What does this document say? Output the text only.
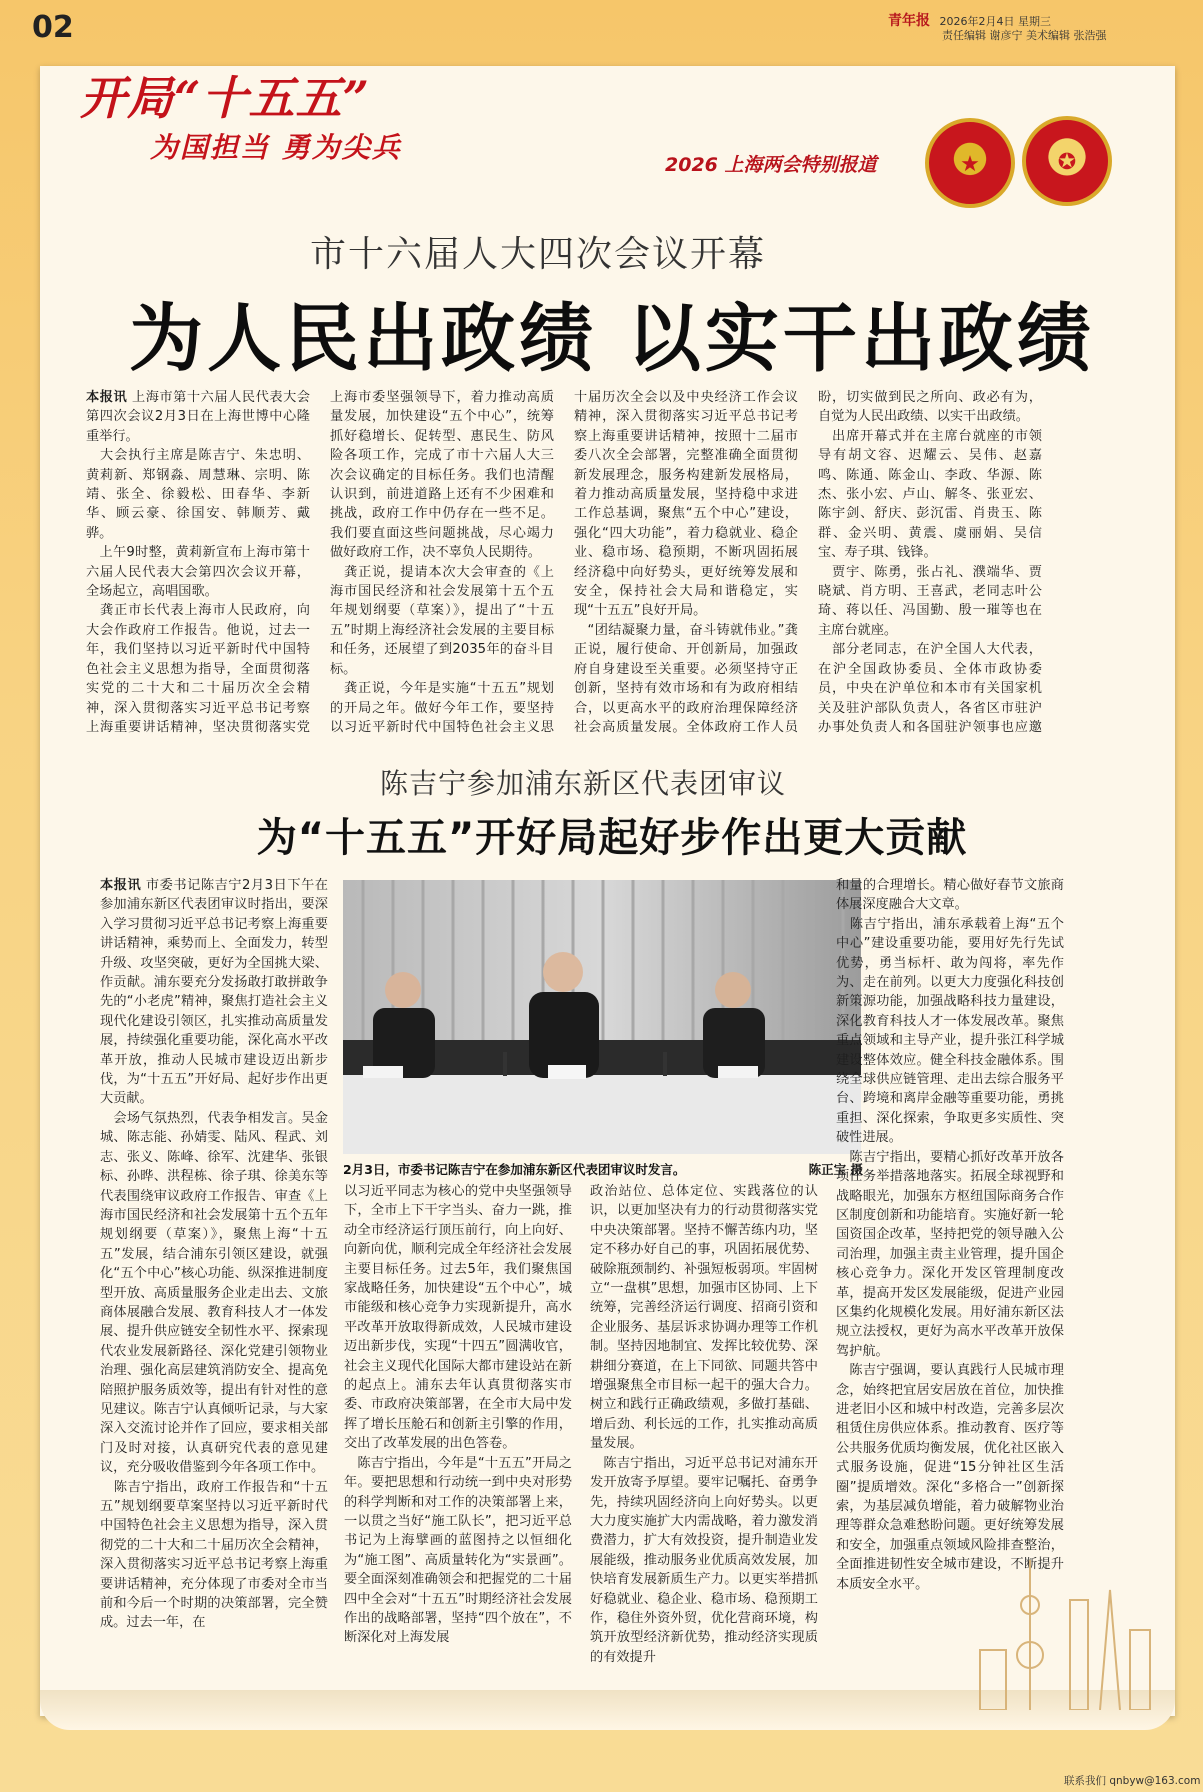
02	青年报 2026年2月4日 星期三
责任编辑 谢彦宁 美术编辑 张浩强
开局“十五五”
为国担当 勇为尖兵
2026 上海两会特别报道	★	✪
市十六届人大四次会议开幕
为人民出政绩 以实干出政绩
本报讯 上海市第十六届人民代表大会第四次会议2月3日在上海世博中心隆重举行。
　大会执行主席是陈吉宁、朱忠明、黄莉新、郑钢淼、周慧琳、宗明、陈靖、张全、徐毅松、田春华、李新华、顾云豪、徐国安、韩顺芳、戴骅。
　上午9时整，黄莉新宣布上海市第十六届人民代表大会第四次会议开幕，全场起立，高唱国歌。
　龚正市长代表上海市人民政府，向大会作政府工作报告。他说，过去一年，我们坚持以习近平新时代中国特色社会主义思想为指导，全面贯彻落实党的二十大和二十届历次全会精神，深入贯彻落实习近平总书记考察上海重要讲话精神，坚决贯彻落实党
上海市委坚强领导下，着力推动高质量发展，加快建设“五个中心”，统筹抓好稳增长、促转型、惠民生、防风险各项工作，完成了市十六届人大三次会议确定的目标任务。我们也清醒认识到，前进道路上还有不少困难和挑战，政府工作中仍存在一些不足。我们要直面这些问题挑战，尽心竭力做好政府工作，决不辜负人民期待。
　龚正说，提请本次大会审查的《上海市国民经济和社会发展第十五个五年规划纲要（草案）》，提出了“十五五”时期上海经济社会发展的主要目标和任务，还展望了到2035年的奋斗目标。
　龚正说，今年是实施“十五五”规划的开局之年。做好今年工作，要坚持以习近平新时代中国特色社会主义思
十届历次全会以及中央经济工作会议精神，深入贯彻落实习近平总书记考察上海重要讲话精神，按照十二届市委八次全会部署，完整准确全面贯彻新发展理念，服务构建新发展格局，着力推动高质量发展，坚持稳中求进工作总基调，聚焦“五个中心”建设，强化“四大功能”，着力稳就业、稳企业、稳市场、稳预期，不断巩固拓展经济稳中向好势头，更好统筹发展和安全，保持社会大局和谐稳定，实现“十五五”良好开局。
　“团结凝聚力量，奋斗铸就伟业。”龚正说，履行使命、开创新局，加强政府自身建设至关重要。必须坚持守正创新，坚持有效市场和有为政府相结合，以更高水平的政府治理保障经济社会高质量发展。全体政府工作人员
盼，切实做到民之所向、政必有为，自觉为人民出政绩、以实干出政绩。
　出席开幕式并在主席台就座的市领导有胡文容、迟耀云、吴伟、赵嘉鸣、陈通、陈金山、李政、华源、陈杰、张小宏、卢山、解冬、张亚宏、陈宇剑、舒庆、彭沉雷、肖贵玉、陈群、金兴明、黄震、虞丽娟、吴信宝、寿子琪、钱锋。
　贾宇、陈勇，张占礼、濮端华、贾晓斌、肖方明、王喜武，老同志叶公琦、蒋以任、冯国勤、殷一璀等也在主席台就座。
　部分老同志，在沪全国人大代表，在沪全国政协委员、全体市政协委员，中央在沪单位和本市有关国家机关及驻沪部队负责人，各省区市驻沪办事处负责人和各国驻沪领事也应邀
陈吉宁参加浦东新区代表团审议
为“十五五”开好局起好步作出更大贡献
本报讯 市委书记陈吉宁2月3日下午在参加浦东新区代表团审议时指出，要深入学习贯彻习近平总书记考察上海重要讲话精神，乘势而上、全面发力，转型升级、攻坚突破，更好为全国挑大梁、作贡献。浦东要充分发扬敢打敢拼敢争先的“小老虎”精神，聚焦打造社会主义现代化建设引领区，扎实推动高质量发展，持续强化重要功能，深化高水平改革开放，推动人民城市建设迈出新步伐，为“十五五”开好局、起好步作出更大贡献。
　会场气氛热烈，代表争相发言。吴金城、陈志能、孙婧雯、陆风、程武、刘志、张义、陈峰、徐军、沈建华、张银标、孙晔、洪程栋、徐子琪、徐美东等代表围绕审议政府工作报告、审查《上海市国民经济和社会发展第十五个五年规划纲要（草案）》，聚焦上海“十五五”发展，结合浦东引领区建设，就强化“五个中心”核心功能、纵深推进制度型开放、高质量服务企业走出去、文旅商体展融合发展、教育科技人才一体发展、提升供应链安全韧性水平、探索现代农业发展新路径、深化党建引领物业治理、强化高层建筑消防安全、提高免陪照护服务质效等，提出有针对性的意见建议。陈吉宁认真倾听记录，与大家深入交流讨论并作了回应，要求相关部门及时对接，认真研究代表的意见建议，充分吸收借鉴到今年各项工作中。
　陈吉宁指出，政府工作报告和“十五五”规划纲要草案坚持以习近平新时代中国特色社会主义思想为指导，深入贯彻党的二十大和二十届历次全会精神，深入贯彻落实习近平总书记考察上海重要讲话精神，充分体现了市委对全市当前和今后一个时期的决策部署，完全赞成。过去一年，在
2月3日，市委书记陈吉宁在参加浦东新区代表团审议时发言。	陈正宝 摄
以习近平同志为核心的党中央坚强领导下，全市上下干字当头、奋力一跳，推动全市经济运行顶压前行，向上向好、向新向优，顺利完成全年经济社会发展主要目标任务。过去5年，我们聚焦国家战略任务，加快建设“五个中心”，城市能级和核心竞争力实现新提升，高水平改革开放取得新成效，人民城市建设迈出新步伐，实现“十四五”圆满收官，社会主义现代化国际大都市建设站在新的起点上。浦东去年认真贯彻落实市委、市政府决策部署，在全市大局中发挥了增长压舱石和创新主引擎的作用，交出了改革发展的出色答卷。
　陈吉宁指出，今年是“十五五”开局之年。要把思想和行动统一到中央对形势的科学判断和对工作的决策部署上来，一以贯之当好“施工队长”，把习近平总书记为上海擘画的蓝图持之以恒细化为“施工图”、高质量转化为“实景画”。要全面深刻准确领会和把握党的二十届四中全会对“十五五”时期经济社会发展作出的战略部署，坚持“四个放在”，不断深化对上海发展
政治站位、总体定位、实践落位的认识，以更加坚决有力的行动贯彻落实党中央决策部署。坚持不懈苦练内功，坚定不移办好自己的事，巩固拓展优势、破除瓶颈制约、补强短板弱项。牢固树立“一盘棋”思想，加强市区协同、上下统筹，完善经济运行调度、招商引资和企业服务、基层诉求协调办理等工作机制。坚持因地制宜、发挥比较优势、深耕细分赛道，在上下同欲、同题共答中增强聚焦全市目标一起干的强大合力。树立和践行正确政绩观，多做打基础、增后劲、利长远的工作，扎实推动高质量发展。
　陈吉宁指出，习近平总书记对浦东开发开放寄予厚望。要牢记嘱托、奋勇争先，持续巩固经济向上向好势头。以更大力度实施扩大内需战略，着力激发消费潜力，扩大有效投资，提升制造业发展能级，推动服务业优质高效发展，加快培育发展新质生产力。以更实举措抓好稳就业、稳企业、稳市场、稳预期工作，稳住外资外贸，优化营商环境，构筑开放型经济新优势，推动经济实现质的有效提升
和量的合理增长。精心做好春节文旅商体展深度融合大文章。
　陈吉宁指出，浦东承载着上海“五个中心”建设重要功能，要用好先行先试优势，勇当标杆、敢为闯将，率先作为、走在前列。以更大力度强化科技创新策源功能，加强战略科技力量建设，深化教育科技人才一体发展改革。聚焦重点领域和主导产业，提升张江科学城建设整体效应。健全科技金融体系。围绕全球供应链管理、走出去综合服务平台、跨境和离岸金融等重要功能，勇挑重担、深化探索，争取更多实质性、突破性进展。
　陈吉宁指出，要精心抓好改革开放各项任务举措落地落实。拓展全球视野和战略眼光，加强东方枢纽国际商务合作区制度创新和功能培育。实施好新一轮国资国企改革，坚持把党的领导融入公司治理，加强主责主业管理，提升国企核心竞争力。深化开发区管理制度改革，提高开发区发展能级，促进产业园区集约化规模化发展。用好浦东新区法规立法授权，更好为高水平改革开放保驾护航。
　陈吉宁强调，要认真践行人民城市理念，始终把宜居安居放在首位，加快推进老旧小区和城中村改造，完善多层次租赁住房供应体系。推动教育、医疗等公共服务优质均衡发展，优化社区嵌入式服务设施，促进“15分钟社区生活圈”提质增效。深化“多格合一”创新探索，为基层减负增能，着力破解物业治理等群众急难愁盼问题。更好统筹发展和安全，加强重点领域风险排查整治，全面推进韧性安全城市建设，不断提升本质安全水平。
联系我们 qnbyw@163.com
